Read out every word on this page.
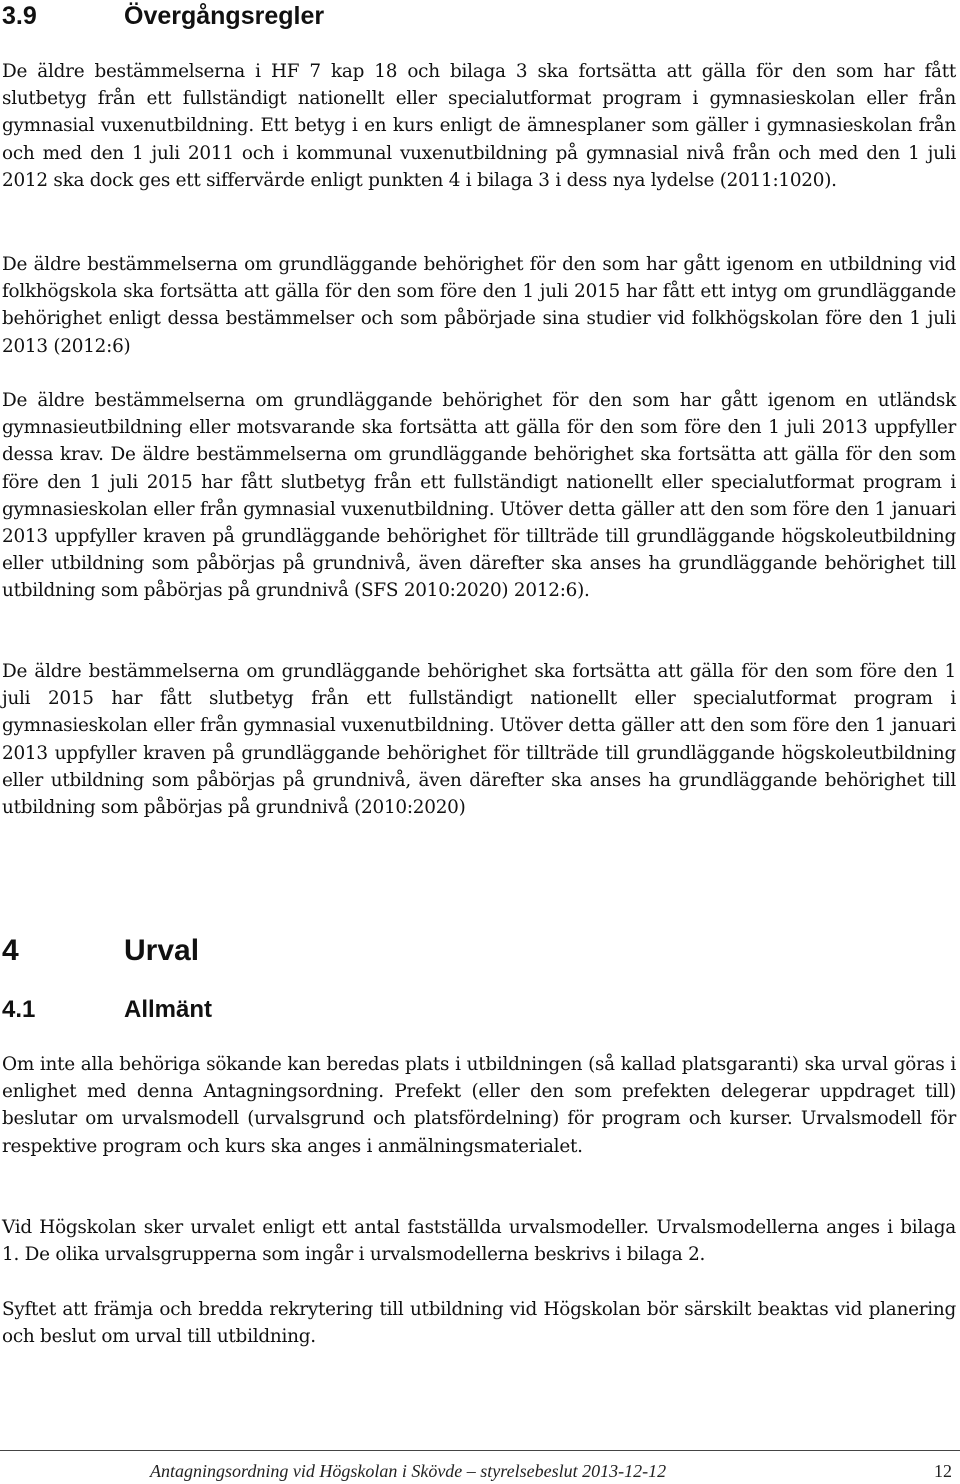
3.9	Övergångsregler

De äldre bestämmelserna i HF 7 kap 18 och bilaga 3 ska fortsätta att gälla för den som har fått slutbetyg från ett fullständigt nationellt eller specialutformat program i gymnasieskolan eller från gymnasial vuxenutbildning. Ett betyg i en kurs enligt de ämnesplaner som gäller i gymnasieskolan från och med den 1 juli 2011 och i kommunal vuxenutbildning på gymnasial nivå från och med den 1 juli 2012 ska dock ges ett siffervärde enligt punkten 4 i bilaga 3 i dess nya lydelse (2011:1020).

De äldre bestämmelserna om grundläggande behörighet för den som har gått igenom en utbildning vid folkhögskola ska fortsätta att gälla för den som före den 1 juli 2015 har fått ett intyg om grundläggande behörighet enligt dessa bestämmelser och som påbörjade sina studier vid folkhögskolan före den 1 juli 2013 (2012:6)

De äldre bestämmelserna om grundläggande behörighet för den som har gått igenom en utländsk gymnasieutbildning eller motsvarande ska fortsätta att gälla för den som före den 1 juli 2013 uppfyller dessa krav. De äldre bestämmelserna om grundläggande behörighet ska fortsätta att gälla för den som före den 1 juli 2015 har fått slutbetyg från ett fullständigt nationellt eller specialutformat program i gymnasieskolan eller från gymnasial vuxenutbildning. Utöver detta gäller att den som före den 1 januari 2013 uppfyller kraven på grundläggande behörighet för tillträde till grundläggande högskoleutbildning eller utbildning som påbörjas på grundnivå, även därefter ska anses ha grundläggande behörighet till utbildning som påbörjas på grundnivå (SFS 2010:2020) 2012:6).

De äldre bestämmelserna om grundläggande behörighet ska fortsätta att gälla för den som före den 1 juli 2015 har fått slutbetyg från ett fullständigt nationellt eller specialutformat program i gymnasieskolan eller från gymnasial vuxenutbildning. Utöver detta gäller att den som före den 1 januari 2013 uppfyller kraven på grundläggande behörighet för tillträde till grundläggande högskoleutbildning eller utbildning som påbörjas på grundnivå, även därefter ska anses ha grundläggande behörighet till utbildning som påbörjas på grundnivå (2010:2020)

4	Urval
4.1	Allmänt

Om inte alla behöriga sökande kan beredas plats i utbildningen (så kallad platsgaranti) ska urval göras i enlighet med denna Antagningsordning. Prefekt (eller den som prefekten delegerar uppdraget till) beslutar om urvalsmodell (urvalsgrund och platsfördelning) för program och kurser. Urvalsmodell för respektive program och kurs ska anges i anmälningsmaterialet.

Vid Högskolan sker urvalet enligt ett antal fastställda urvalsmodeller. Urvalsmodellerna anges i bilaga 1. De olika urvalsgrupperna som ingår i urvalsmodellerna beskrivs i bilaga 2.

Syftet att främja och bredda rekrytering till utbildning vid Högskolan bör särskilt beaktas vid planering och beslut om urval till utbildning.

Antagningsordning vid Högskolan i Skövde – styrelsebeslut 2013-12-12	12
